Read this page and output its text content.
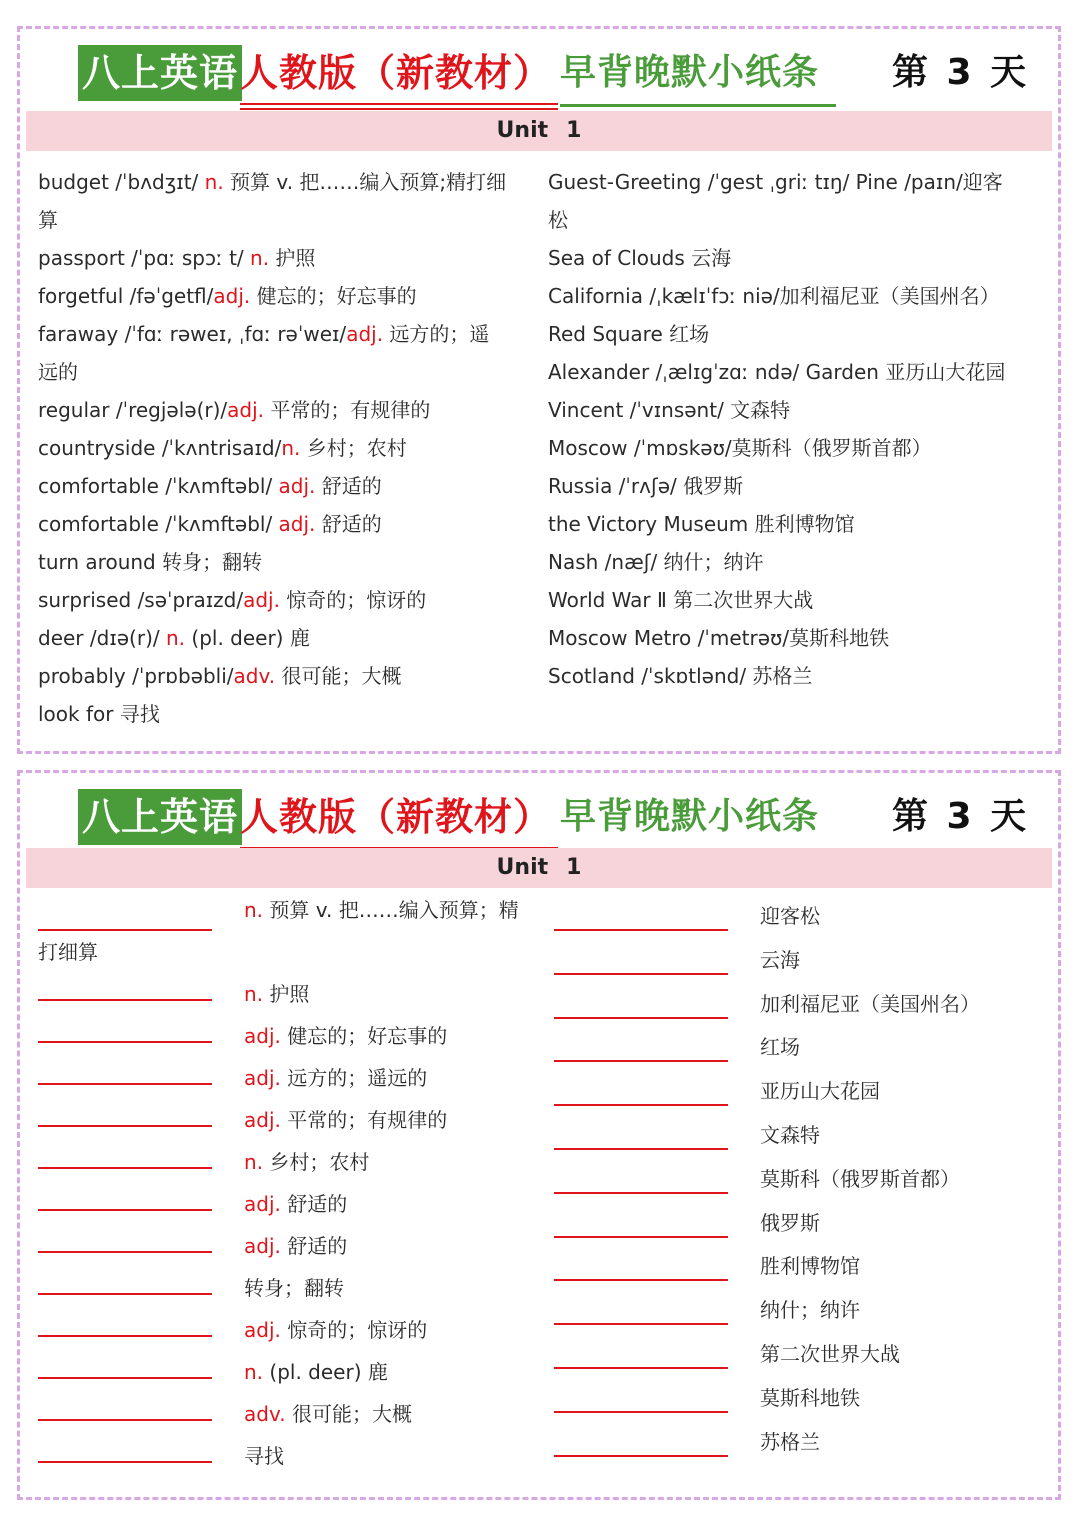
八上英语 人教版（新教材） 早背晚默小纸条 第 3 天
Unit 1
budget /ˈbʌdʒɪt/ n. 预算 v. 把……编入预算;精打细
算
passport /ˈpɑː spɔː t/ n. 护照
forgetful /fəˈgetfl/adj. 健忘的；好忘事的
faraway /ˈfɑː rəweɪ, ˌfɑː rəˈweɪ/adj. 远方的；遥
远的
regular /ˈregjələ(r)/adj. 平常的；有规律的
countryside /ˈkʌntrisaɪd/n. 乡村；农村
comfortable /ˈkʌmftəbl/ adj. 舒适的
comfortable /ˈkʌmftəbl/ adj. 舒适的
turn around 转身；翻转
surprised /səˈpraɪzd/adj. 惊奇的；惊讶的
deer /dɪə(r)/ n. (pl. deer) 鹿
probably /ˈprɒbəbli/adv. 很可能；大概
look for 寻找
Guest-Greeting /ˈgest ˌgriː tɪŋ/ Pine /paɪn/迎客
松
Sea of Clouds 云海
California /ˌkælɪˈfɔː niə/加利福尼亚（美国州名）
Red Square 红场
Alexander /ˌælɪgˈzɑː ndə/ Garden 亚历山大花园
Vincent /ˈvɪnsənt/ 文森特
Moscow /ˈmɒskəʊ/莫斯科（俄罗斯首都）
Russia /ˈrʌʃə/ 俄罗斯
the Victory Museum 胜利博物馆
Nash /næʃ/ 纳什；纳许
World War Ⅱ 第二次世界大战
Moscow Metro /ˈmetrəʊ/莫斯科地铁
Scotland /ˈskɒtlənd/ 苏格兰
八上英语 人教版（新教材） 早背晚默小纸条 第 3 天
Unit 1
n. 预算 v. 把……编入预算；精
打细算
n. 护照
adj. 健忘的；好忘事的
adj. 远方的；遥远的
adj. 平常的；有规律的
n. 乡村；农村
adj. 舒适的
adj. 舒适的
转身；翻转
adj. 惊奇的；惊讶的
n. (pl. deer) 鹿
adv. 很可能；大概
寻找
迎客松
云海
加利福尼亚（美国州名）
红场
亚历山大花园
文森特
莫斯科（俄罗斯首都）
俄罗斯
胜利博物馆
纳什；纳许
第二次世界大战
莫斯科地铁
苏格兰
